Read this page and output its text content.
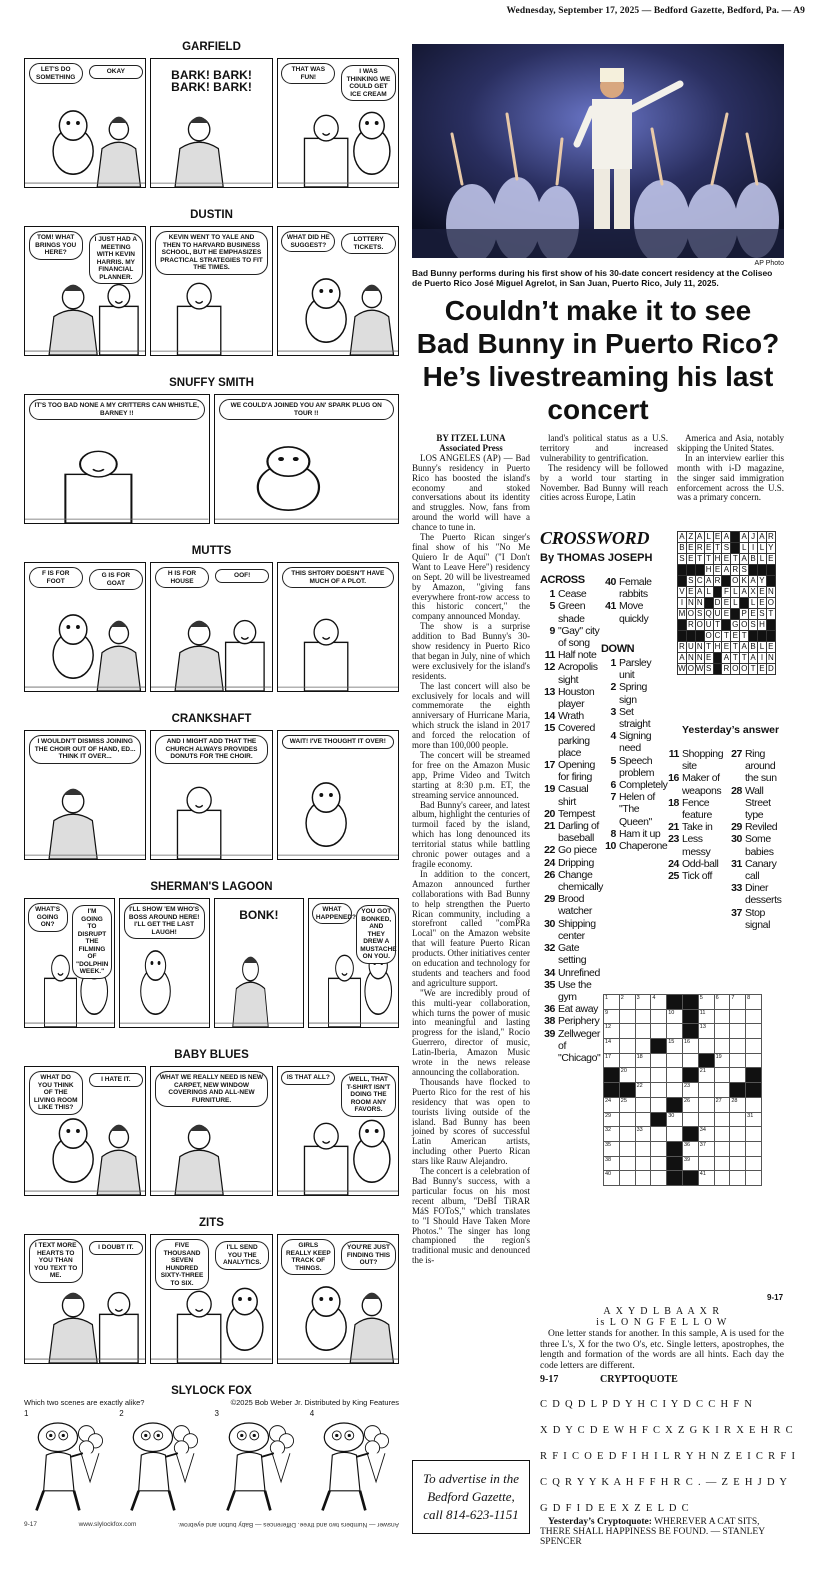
Wednesday, September 17, 2025 — Bedford Gazette, Bedford, Pa. — A9
GARFIELD
LET'S DO SOMETHING
OKAY	BARK! BARK! BARK! BARK!
THAT WAS FUN!
I WAS THINKING WE COULD GET ICE CREAM
DUSTIN
TOM! WHAT BRINGS YOU HERE?
I JUST HAD A MEETING WITH KEVIN HARRIS. MY FINANCIAL PLANNER.
KEVIN WENT TO YALE AND THEN TO HARVARD BUSINESS SCHOOL, BUT HE EMPHASIZES PRACTICAL STRATEGIES TO FIT THE TIMES.
WHAT DID HE SUGGEST?
LOTTERY TICKETS.
SNUFFY SMITH
IT'S TOO BAD NONE A MY CRITTERS CAN WHISTLE, BARNEY !!
WE COULD'A JOINED YOU AN' SPARK PLUG ON TOUR !!
MUTTS
F IS FOR FOOT
G IS FOR GOAT
H IS FOR HOUSE
OOF!	THIS SHTORY DOESN'T HAVE MUCH OF A PLOT.
CRANKSHAFT
I WOULDN'T DISMISS JOINING THE CHOIR OUT OF HAND, ED... THINK IT OVER...
AND I MIGHT ADD THAT THE CHURCH ALWAYS PROVIDES DONUTS FOR THE CHOIR.
WAIT! I'VE THOUGHT IT OVER!
SHERMAN'S LAGOON
WHAT'S GOING ON?
I'M GOING TO DISRUPT THE FILMING OF "DOLPHIN WEEK."
I'LL SHOW 'EM WHO'S BOSS AROUND HERE! I'LL GET THE LAST LAUGH!
BONK!	WHAT HAPPENED?
YOU GOT BONKED, AND THEY DREW A MUSTACHE ON YOU.
BABY BLUES
WHAT DO YOU THINK OF THE LIVING ROOM LIKE THIS?
I HATE IT.	WHAT WE REALLY NEED IS NEW CARPET, NEW WINDOW COVERINGS AND ALL-NEW FURNITURE.
IS THAT ALL?	WELL, THAT T-SHIRT ISN'T DOING THE ROOM ANY FAVORS.
ZITS
I TEXT MORE HEARTS TO YOU THAN YOU TEXT TO ME.
I DOUBT IT.	FIVE THOUSAND SEVEN HUNDRED SIXTY-THREE TO SIX.
I'LL SEND YOU THE ANALYTICS.
GIRLS REALLY KEEP TRACK OF THINGS.
YOU'RE JUST FINDING THIS OUT?
SLYLOCK FOX
Which two scenes are exactly alike?	©2025 Bob Weber Jr. Distributed by King Features
1	2	3	4
9-17	www.slylockfox.com	Answer — Numbers two and three. Differences — Baby button and eyebrow.
AP Photo
Bad Bunny performs during his first show of his 30-date concert residency at the Coliseo de Puerto Rico José Miguel Agrelot, in San Juan, Puerto Rico, July 11, 2025.
Couldn’t make it to see Bad Bunny in Puerto Rico? He’s livestreaming his last concert
BY ITZEL LUNA
Associated Press

LOS ANGELES (AP) — Bad Bunny's residency in Puerto Rico has boosted the island's economy and stoked conversations about its identity and struggles. Now, fans from around the world will have a chance to tune in.

The Puerto Rican singer's final show of his "No Me Quiero Ir de Aquí" ("I Don't Want to Leave Here") residency on Sept. 20 will be livestreamed by Amazon, "giving fans everywhere front-row access to this historic concert," the company announced Monday.

The show is a surprise addition to Bad Bunny's 30-show residency in Puerto Rico that began in July, nine of which were exclusively for the island's residents.

The last concert will also be exclusively for locals and will commemorate the eighth anniversary of Hurricane Maria, which struck the island in 2017 and forced the relocation of more than 100,000 people.

The concert will be streamed for free on the Amazon Music app, Prime Video and Twitch starting at 8:30 p.m. ET, the streaming service announced.

Bad Bunny's career, and latest album, highlight the centuries of turmoil faced by the island, which has long denounced its territorial status while battling chronic power outages and a fragile economy.

In addition to the concert, Amazon announced further collaborations with Bad Bunny to help strengthen the Puerto Rican community, including a storefront called "comPRa Local" on the Amazon website that will feature Puerto Rican products. Other initiatives center on education and technology for students and teachers and food and agriculture support.

"We are incredibly proud of this multi-year collaboration, which turns the power of music into meaningful and lasting progress for the island," Rocío Guerrero, director of music, Latin-Iberia, Amazon Music wrote in the news release announcing the collaboration.

Thousands have flocked to Puerto Rico for the rest of his residency that was open to tourists living outside of the island. Bad Bunny has been joined by scores of successful Latin American artists, including other Puerto Rican stars like Rauw Alejandro.

The concert is a celebration of Bad Bunny's success, with a particular focus on his most recent album, "DeBÍ TiRAR MáS FOToS," which translates to "I Should Have Taken More Photos." The singer has long championed the region's traditional music and denounced the is-

land's political status as a U.S. territory and increased vulnerability to gentrification.

The residency will be followed by a world tour starting in November. Bad Bunny will reach cities across Europe, Latin

America and Asia, notably skipping the United States.

In an interview earlier this month with i-D magazine, the singer said immigration enforcement across the U.S. was a primary concern.

To advertise in the
Bedford Gazette,
call 814-623-1151
CROSSWORD
By THOMAS JOSEPH
ACROSS
1 Cease
5 Green shade
9 "Gay" city of song
11 Half note
12 Acropolis sight
13 Houston player
14 Wrath
15 Covered parking place
17 Opening for firing
19 Casual shirt
20 Tempest
21 Darling of baseball
22 Go piece
24 Dripping
26 Change chemically
29 Brood watcher
30 Shipping center
32 Gate setting
34 Unrefined
35 Use the gym
36 Eat away
38 Periphery
39 Zellweger of "Chicago"
40 Female rabbits
41 Move quickly
DOWN
1 Parsley unit
2 Spring sign
3 Set straight
4 Signing need
5 Speech problem
6 Completely
7 Helen of "The Queen"
8 Ham it up
10 Chaperone
11 Shopping site
16 Maker of weapons
18 Fence feature
21 Take in
23 Less messy
24 Odd-ball
25 Tick off
27 Ring around the sun
28 Wall Street type
29 Reviled
30 Some babies
31 Canary call
33 Diner desserts
37 Stop signal
A	Z	A	L	E	A		A	J	A	R
B	E	R	E	T	S		L	I	L	Y
S	E	T	T	H	E	T	A	B	L	E
			H	E	A	R	S			
	S	C	A	R		O	K	A	Y	
V	E	A	L		F	L	A	X	E	N
I	N	N		D	E	L		L	E	O
M	O	S	Q	U	E		P	E	S	T
	R	O	U	T		G	O	S	H	
			O	C	T	E	T			
R	U	N	T	H	E	T	A	B	L	E
A	N	N	E		A	T	T	A	I	N
W	O	W	S		R	O	O	T	E	D
Yesterday’s answer
1	2	3	4			5	6	7	8

9				10		11			

12						13			

14				15	16				

17		18					19		

	20					21			

		22			23				

24	25				26		27	28	

29				30					31

32		33				34			

35					36	37			

38					39				

40						41			

9-17
A X Y D L B A A X R
is L O N G F E L L O W
One letter stands for another. In this sample, A is used for the three L's, X for the two O's, etc. Single letters, apostrophes, the length and formation of the words are all hints. Each day the code letters are different.
9-17	CRYPTOQUOTE
C D Q D L P D Y H C I Y D C C H F N
X D Y C D E W H F C X Z G K I R X E H R C
R F I C O E D F I H I L R Y H N Z E I C R F I
C Q R Y Y K A H F F H R C . — Z E H J D Y
G D F I D E E X Z E L D C
Yesterday’s Cryptoquote: WHEREVER A CAT SITS, THERE SHALL HAPPINESS BE FOUND. — STANLEY SPENCER
